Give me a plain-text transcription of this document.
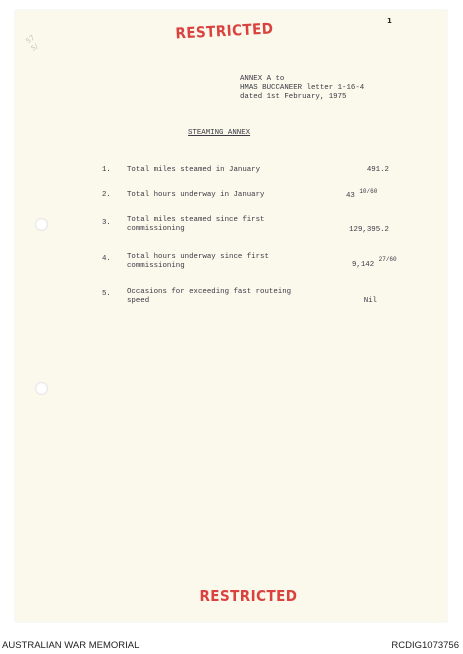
57
5/
RESTRICTED	1
ANNEX A to
HMAS BUCCANEER letter 1-16-4
dated 1st February, 1975
STEAMING ANNEX
1.	Total miles steamed in January	491.2
2.	Total hours underway in January	43 $^{10/60}$
3.	Total miles steamed since first commissioning	129,395.2
4.	Total hours underway since first commissioning	9,142 $^{27/60}$
5.	Occasions for exceeding fast routeing speed	Nil
RESTRICTED
AUSTRALIAN WAR MEMORIAL	RCDIG1073756
